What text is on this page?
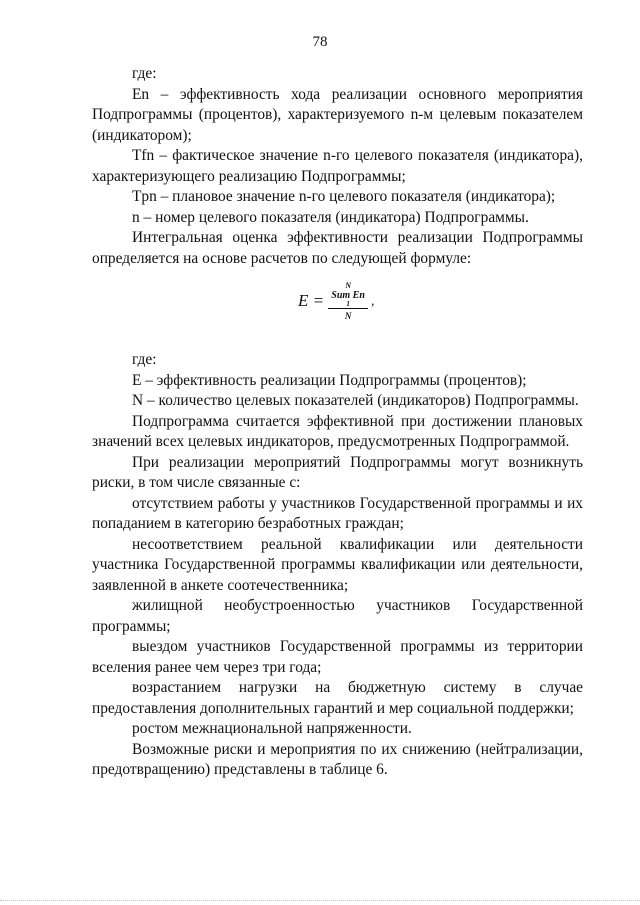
78

где:

En – эффективность хода реализации основного мероприятия Подпрограммы (процентов), характеризуемого n-м целевым показателем (индикатором);

Tfn – фактическое значение n-го целевого показателя (индикатора), характеризующего реализацию Подпрограммы;

Tpn – плановое значение n-го целевого показателя (индикатора);

n – номер целевого показателя (индикатора) Подпрограммы.

Интегральная оценка эффективности реализации Подпрограммы определяется на основе расчетов по следующей формуле:

E =
N
Sum En
1
N
,

где:

E – эффективность реализации Подпрограммы (процентов);

N – количество целевых показателей (индикаторов) Подпрограммы.

Подпрограмма считается эффективной при достижении плановых значений всех целевых индикаторов, предусмотренных Подпрограммой.

При реализации мероприятий Подпрограммы могут возникнуть риски, в том числе связанные с:

отсутствием работы у участников Государственной программы и их попаданием в категорию безработных граждан;

несоответствием реальной квалификации или деятельности участника Государственной программы квалификации или деятельности, заявленной в анкете соотечественника;

жилищной необустроенностью участников Государственной программы;

выездом участников Государственной программы из территории вселения ранее чем через три года;

возрастанием нагрузки на бюджетную систему в случае предоставления дополнительных гарантий и мер социальной поддержки;

ростом межнациональной напряженности.

Возможные риски и мероприятия по их снижению (нейтрализации, предотвращению) представлены в таблице 6.
